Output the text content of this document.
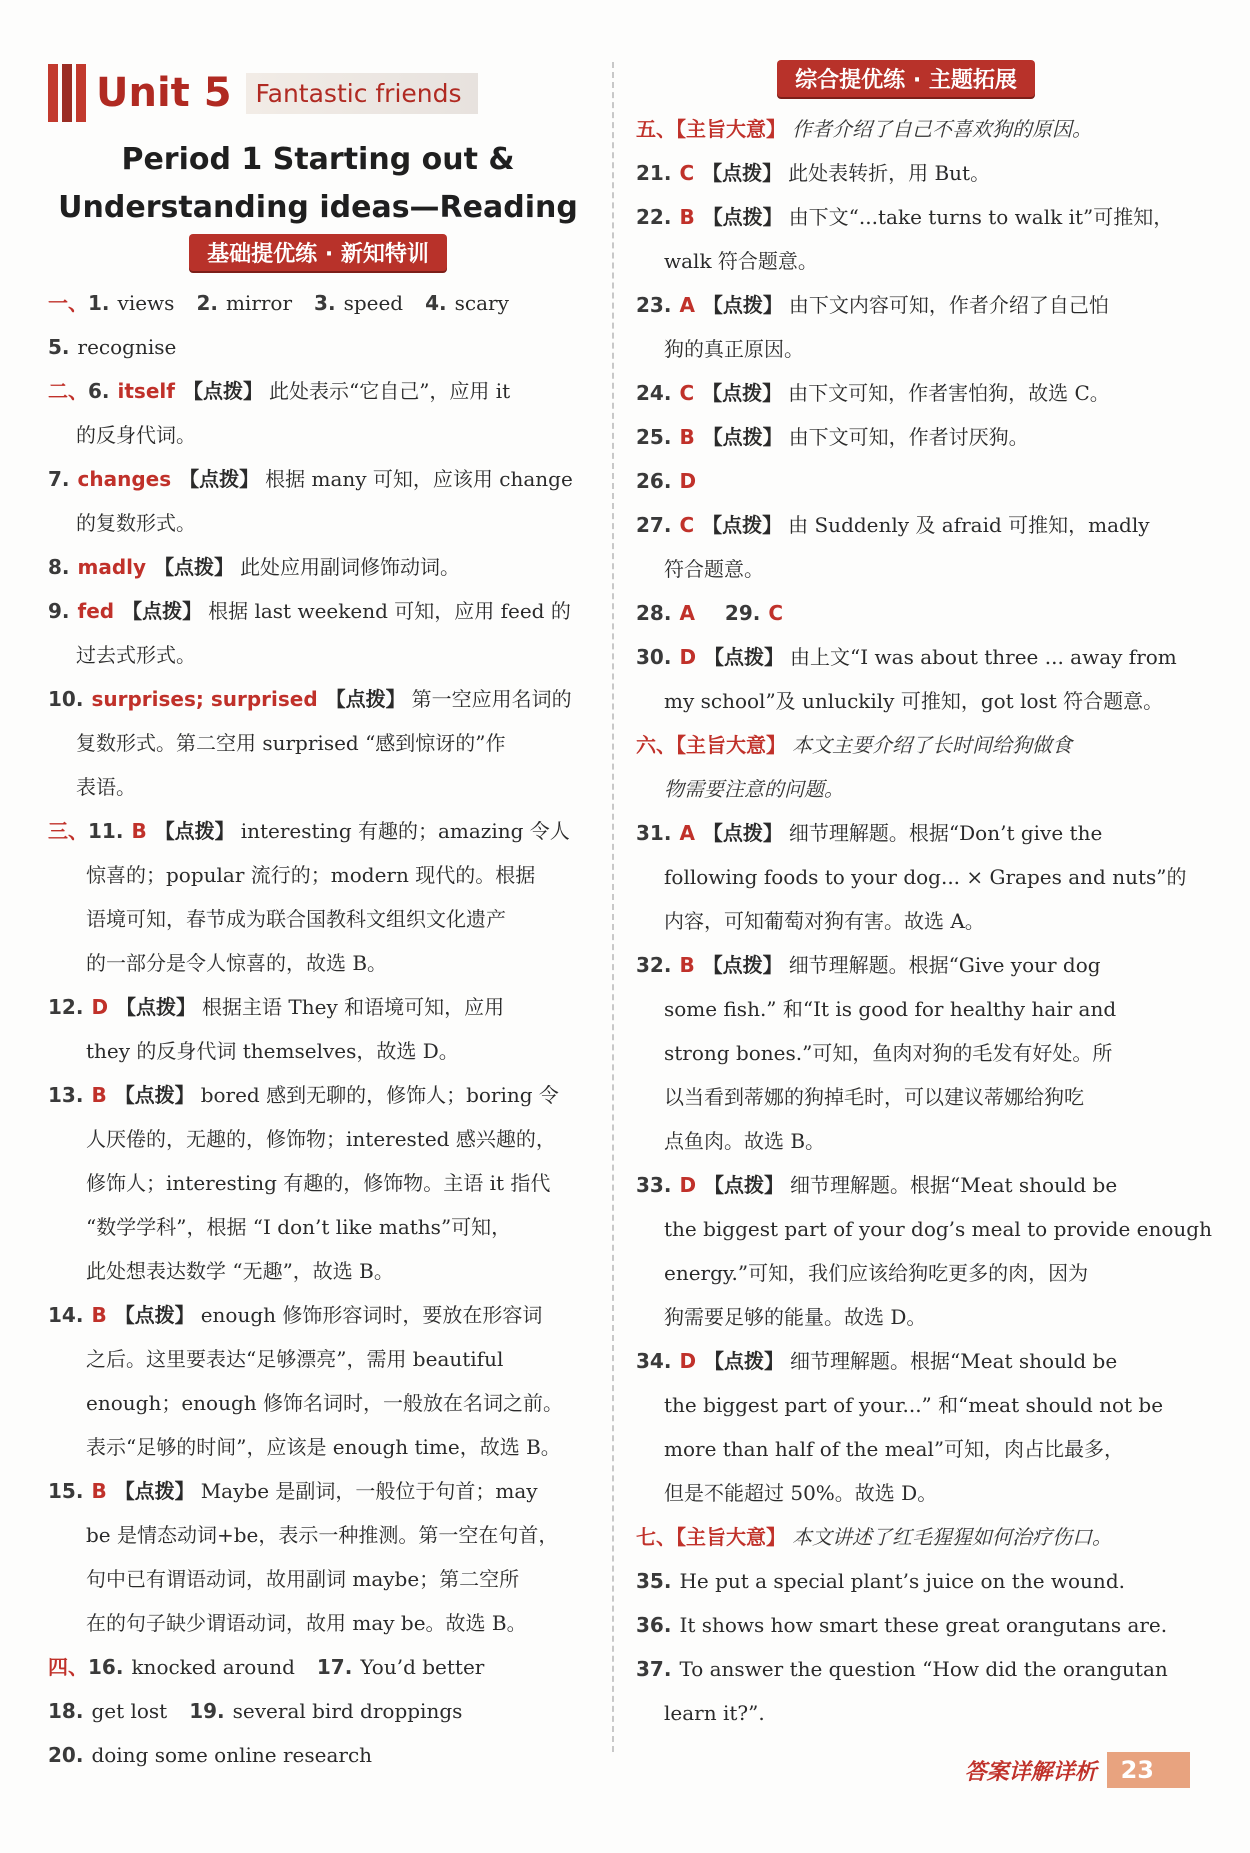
Unit 5 Fantastic friends
Period 1 Starting out &
Understanding ideas—Reading
基础提优练 · 新知特训
一、1. views 2. mirror 3. speed 4. scary
5. recognise
二、6. itself 【点拨】 此处表示“它自己”，应用 it
的反身代词。
7. changes 【点拨】 根据 many 可知，应该用 change
的复数形式。
8. madly 【点拨】 此处应用副词修饰动词。
9. fed 【点拨】 根据 last weekend 可知，应用 feed 的
过去式形式。
10. surprises; surprised 【点拨】 第一空应用名词的
复数形式。第二空用 surprised “感到惊讶的”作
表语。
三、11. B 【点拨】 interesting 有趣的；amazing 令人
惊喜的；popular 流行的；modern 现代的。根据
语境可知，春节成为联合国教科文组织文化遗产
的一部分是令人惊喜的，故选 B。
12. D 【点拨】 根据主语 They 和语境可知，应用
they 的反身代词 themselves，故选 D。
13. B 【点拨】 bored 感到无聊的，修饰人；boring 令
人厌倦的，无趣的，修饰物；interested 感兴趣的，
修饰人；interesting 有趣的，修饰物。主语 it 指代
“数学学科”，根据 “I don’t like maths”可知，
此处想表达数学 “无趣”，故选 B。
14. B 【点拨】 enough 修饰形容词时，要放在形容词
之后。这里要表达“足够漂亮”，需用 beautiful
enough；enough 修饰名词时，一般放在名词之前。
表示“足够的时间”，应该是 enough time，故选 B。
15. B 【点拨】 Maybe 是副词，一般位于句首；may
be 是情态动词+be，表示一种推测。第一空在句首，
句中已有谓语动词，故用副词 maybe；第二空所
在的句子缺少谓语动词，故用 may be。故选 B。
四、16. knocked around 17. You’d better
18. get lost 19. several bird droppings
20. doing some online research
综合提优练 · 主题拓展
五、【主旨大意】 作者介绍了自己不喜欢狗的原因。
21. C 【点拨】 此处表转折，用 But。
22. B 【点拨】 由下文“...take turns to walk it”可推知，
walk 符合题意。
23. A 【点拨】 由下文内容可知，作者介绍了自己怕
狗的真正原因。
24. C 【点拨】 由下文可知，作者害怕狗，故选 C。
25. B 【点拨】 由下文可知，作者讨厌狗。
26. D
27. C 【点拨】 由 Suddenly 及 afraid 可推知，madly
符合题意。
28. A 29. C
30. D 【点拨】 由上文“I was about three ... away from
my school”及 unluckily 可推知，got lost 符合题意。
六、【主旨大意】 本文主要介绍了长时间给狗做食
物需要注意的问题。
31. A 【点拨】 细节理解题。根据“Don’t give the
following foods to your dog... × Grapes and nuts”的
内容，可知葡萄对狗有害。故选 A。
32. B 【点拨】 细节理解题。根据“Give your dog
some fish.” 和“It is good for healthy hair and
strong bones.”可知，鱼肉对狗的毛发有好处。所
以当看到蒂娜的狗掉毛时，可以建议蒂娜给狗吃
点鱼肉。故选 B。
33. D 【点拨】 细节理解题。根据“Meat should be
the biggest part of your dog’s meal to provide enough
energy.”可知，我们应该给狗吃更多的肉，因为
狗需要足够的能量。故选 D。
34. D 【点拨】 细节理解题。根据“Meat should be
the biggest part of your...” 和“meat should not be
more than half of the meal”可知，肉占比最多，
但是不能超过 50%。故选 D。
七、【主旨大意】 本文讲述了红毛猩猩如何治疗伤口。
35. He put a special plant’s juice on the wound.
36. It shows how smart these great orangutans are.
37. To answer the question “How did the orangutan
learn it?”.
答案详解详析	23
